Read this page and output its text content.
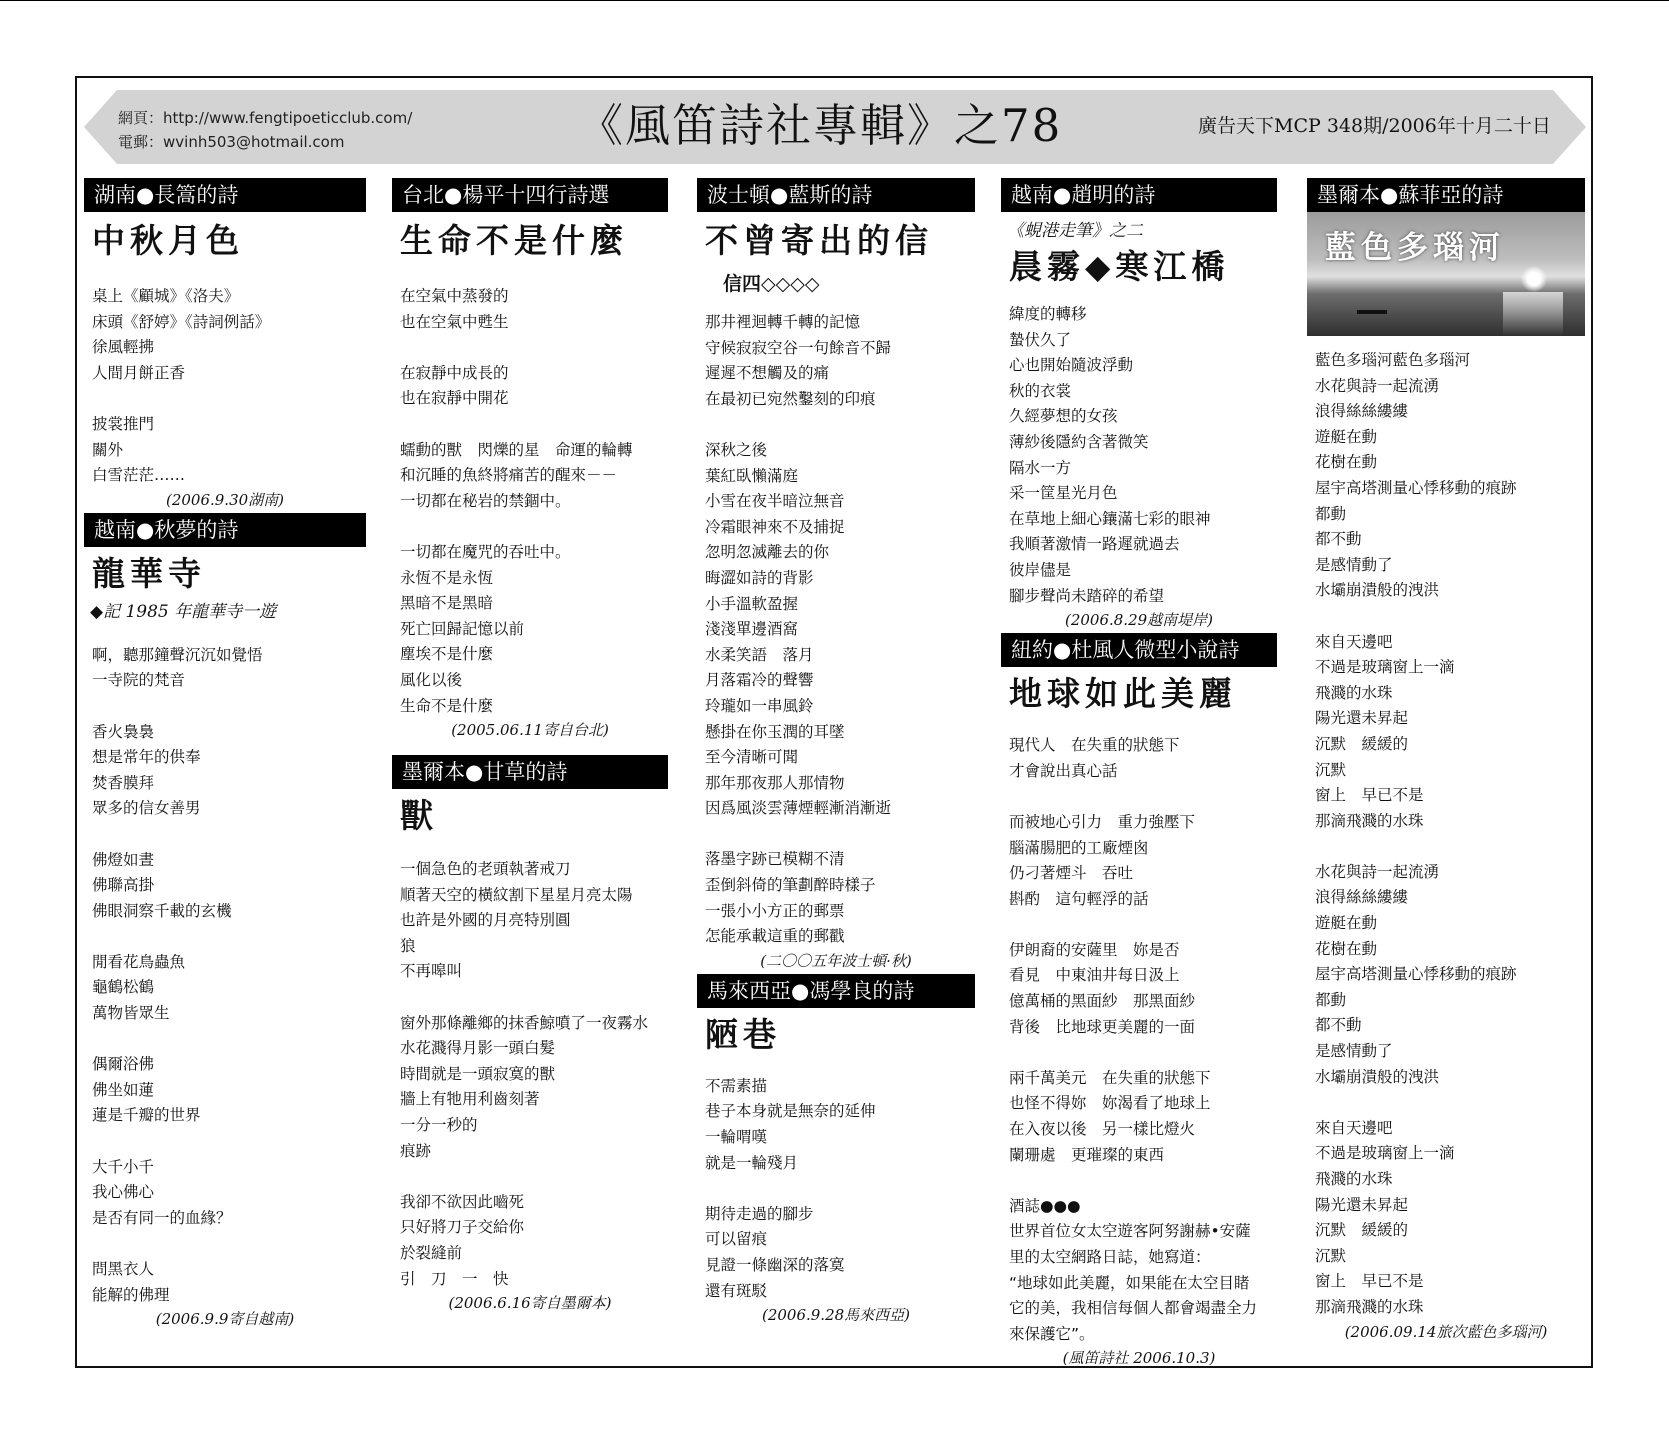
網頁：http://www.fengtipoeticclub.com/
電郵：wvinh503@hotmail.com	《風笛詩社專輯》之78	廣告天下MCP 348期/2006年十月二十日
湖南●長篙的詩
中秋月色
桌上《顧城》《洛夫》
床頭《舒婷》《詩詞例話》
徐風輕拂
人間月餅正香

披裳推門
關外
白雪茫茫……
(2006.9.30湖南)
越南●秋夢的詩
龍華寺
◆記 1985 年龍華寺一遊
啊，聽那鐘聲沉沉如覺悟
一寺院的梵音

香火裊裊
想是常年的供奉
焚香膜拜
眾多的信女善男

佛燈如晝
佛聯高掛
佛眼洞察千載的玄機

閒看花鳥蟲魚
龜鶴松鶴
萬物皆眾生

偶爾浴佛
佛坐如蓮
蓮是千瓣的世界

大千小千
我心佛心
是否有同一的血緣？

問黑衣人
能解的佛理
(2006.9.9寄自越南)
台北●楊平十四行詩選
生命不是什麼
在空氣中蒸發的
也在空氣中甦生

在寂靜中成長的
也在寂靜中開花

蠕動的獸　閃爍的星　命運的輪轉
和沉睡的魚終將痛苦的醒來－－
一切都在秘岩的禁錮中。

一切都在魔咒的吞吐中。
永恆不是永恆
黑暗不是黑暗
死亡回歸記憶以前
塵埃不是什麼
風化以後
生命不是什麼
(2005.06.11寄自台北)
墨爾本●甘草的詩
獸
一個急色的老頭執著戒刀
順著天空的橫紋割下星星月亮太陽
也許是外國的月亮特別圓
狼
不再嗥叫

窗外那條離鄉的抹香鯨噴了一夜霧水
水花濺得月影一頭白髮
時間就是一頭寂寞的獸
牆上有牠用利齒刻著
一分一秒的
痕跡

我卻不欲因此嚙死
只好將刀子交給你
於裂縫前
引　刀　一　快
(2006.6.16寄自墨爾本)
波士頓●藍斯的詩
不曾寄出的信
信四◇◇◇◇
那井裡迴轉千轉的記憶
守候寂寂空谷一句餘音不歸
遲遲不想觸及的痛
在最初已宛然鑿刻的印痕

深秋之後
葉紅臥懶滿庭
小雪在夜半暗泣無音
冷霜眼神來不及捕捉
忽明忽滅離去的你
晦澀如詩的背影
小手溫軟盈握
淺淺單邊酒窩
水柔笑語　落月
月落霜冷的聲響
玲瓏如一串風鈴
懸掛在你玉潤的耳墜
至今清晰可聞
那年那夜那人那情物
因爲風淡雲薄煙輕漸消漸逝

落墨字跡已模糊不清
歪倒斜倚的筆劃醉時樣子
一張小小方正的郵票
怎能承載這重的郵戳
(二〇〇五年波士頓·秋)
馬來西亞●馮學良的詩
陋巷
不需素描
巷子本身就是無奈的延伸
一輪喟嘆
就是一輪殘月

期待走過的腳步
可以留痕
見證一條幽深的落寞
還有斑駁
(2006.9.28馬來西亞)
越南●趙明的詩
《蜆港走筆》之二
晨霧◆寒江橋
緯度的轉移
蟄伏久了
心也開始隨波浮動
秋的衣裳
久經夢想的女孩
薄紗後隱約含著微笑
隔水一方
采一筐星光月色
在草地上細心鑲滿七彩的眼神
我順著激情一路遲就過去
彼岸儘是
腳步聲尚未踏碎的希望
(2006.8.29越南堤岸)
紐約●杜風人微型小說詩
地球如此美麗
現代人　在失重的狀態下
才會說出真心話

而被地心引力　重力強壓下
腦滿腸肥的工廠煙囪
仍刁著煙斗　吞吐
斟酌　這句輕浮的話

伊朗裔的安薩里　妳是否
看見　中東油井每日汲上
億萬桶的黑面紗　那黑面紗
背後　比地球更美麗的一面

兩千萬美元　在失重的狀態下
也怪不得妳　妳渴看了地球上
在入夜以後　另一樣比燈火
闌珊處　更璀璨的東西

酒誌●●●
世界首位女太空遊客阿努謝赫•安薩
里的太空網路日誌，她寫道：
“地球如此美麗，如果能在太空目睹
它的美，我相信每個人都會竭盡全力
來保護它”。
(風笛詩社 2006.10.3)
墨爾本●蘇菲亞的詩
藍色多瑙河
藍色多瑙河藍色多瑙河
水花與詩一起流湧
浪得絲絲縷縷
遊艇在動
花樹在動
屋宇高塔測量心悸移動的痕跡
都動
都不動
是感情動了
水壩崩潰般的洩洪

來自天邊吧
不過是玻璃窗上一滴
飛濺的水珠
陽光還未昇起
沉默　緩緩的
沉默
窗上　早已不是
那滴飛濺的水珠

水花與詩一起流湧
浪得絲絲縷縷
遊艇在動
花樹在動
屋宇高塔測量心悸移動的痕跡
都動
都不動
是感情動了
水壩崩潰般的洩洪

來自天邊吧
不過是玻璃窗上一滴
飛濺的水珠
陽光還未昇起
沉默　緩緩的
沉默
窗上　早已不是
那滴飛濺的水珠
(2006.09.14旅次藍色多瑙河)
